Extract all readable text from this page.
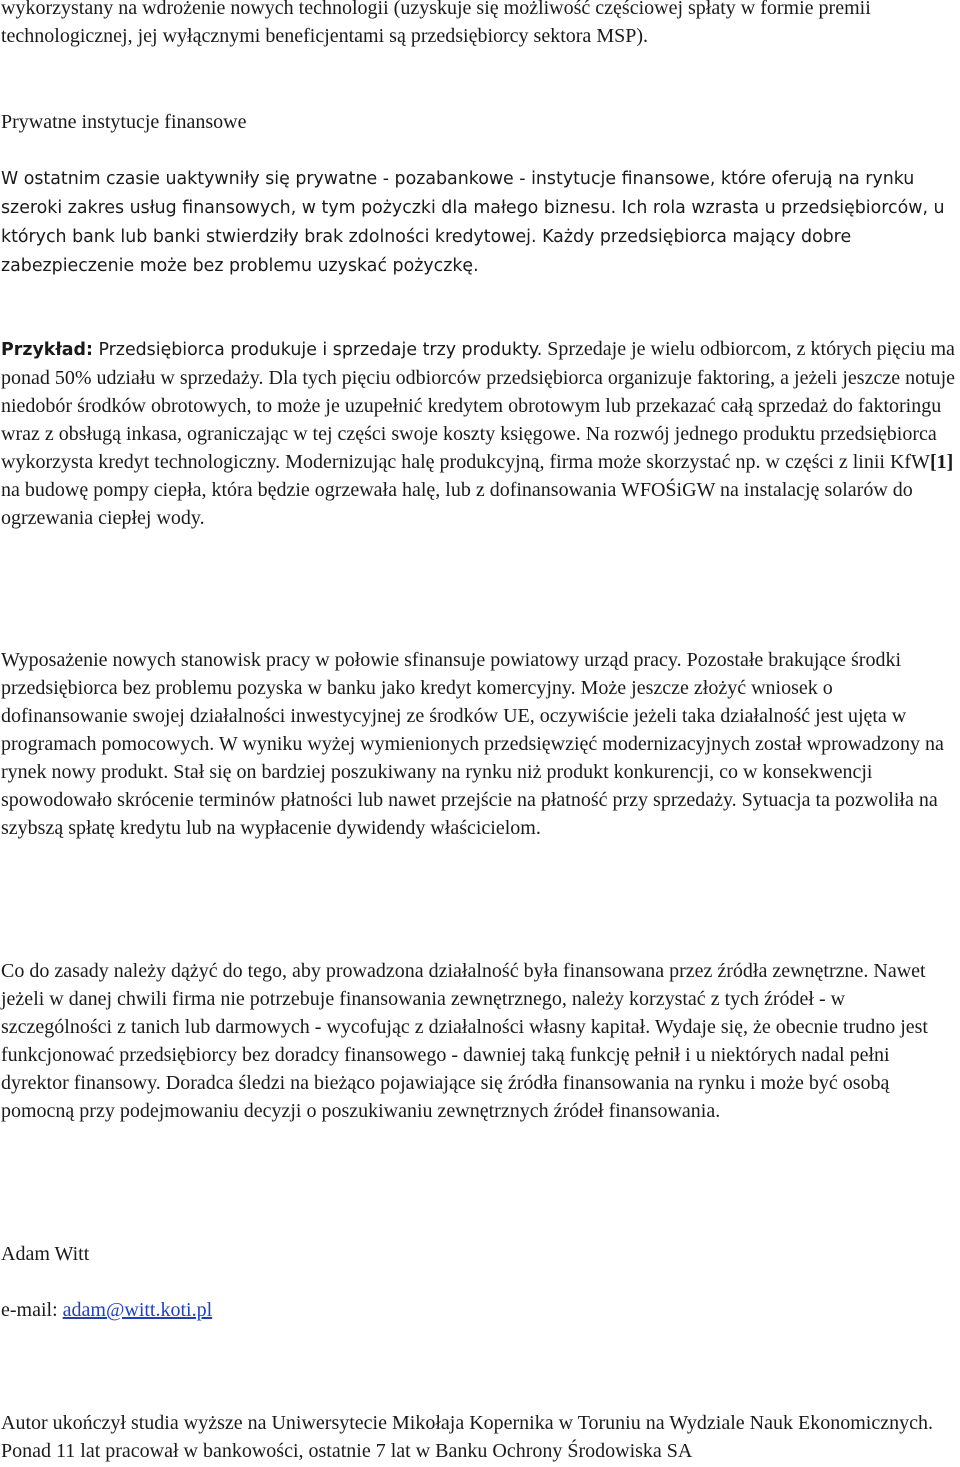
wykorzystany na wdrożenie nowych technologii (uzyskuje się możliwość częściowej spłaty w formie premii technologicznej, jej wyłącznymi beneficjentami są przedsiębiorcy sektora MSP).

Prywatne instytucje finansowe

W ostatnim czasie uaktywniły się prywatne - pozabankowe - instytucje finansowe, które oferują na rynku szeroki zakres usług finansowych, w tym pożyczki dla małego biznesu. Ich rola wzrasta u przedsiębiorców, u których bank lub banki stwierdziły brak zdolności kredytowej. Każdy przedsiębiorca mający dobre zabezpieczenie może bez problemu uzyskać pożyczkę.

Przykład: Przedsiębiorca produkuje i sprzedaje trzy produkty. Sprzedaje je wielu odbiorcom, z których pięciu ma ponad 50% udziału w sprzedaży. Dla tych pięciu odbiorców przedsiębiorca organizuje faktoring, a jeżeli jeszcze notuje niedobór środków obrotowych, to może je uzupełnić kredytem obrotowym lub przekazać całą sprzedaż do faktoringu wraz z obsługą inkasa, ograniczając w tej części swoje koszty księgowe. Na rozwój jednego produktu przedsiębiorca wykorzysta kredyt technologiczny. Modernizując halę produkcyjną, firma może skorzystać np. w części z linii KfW[1] na budowę pompy ciepła, która będzie ogrzewała halę, lub z dofinansowania WFOŚiGW na instalację solarów do ogrzewania ciepłej wody.

Wyposażenie nowych stanowisk pracy w połowie sfinansuje powiatowy urząd pracy. Pozostałe brakujące środki przedsiębiorca bez problemu pozyska w banku jako kredyt komercyjny. Może jeszcze złożyć wniosek o dofinansowanie swojej działalności inwestycyjnej ze środków UE, oczywiście jeżeli taka działalność jest ujęta w programach pomocowych. W wyniku wyżej wymienionych przedsięwzięć modernizacyjnych został wprowadzony na rynek nowy produkt. Stał się on bardziej poszukiwany na rynku niż produkt konkurencji, co w konsekwencji spowodowało skrócenie terminów płatności lub nawet przejście na płatność przy sprzedaży. Sytuacja ta pozwoliła na szybszą spłatę kredytu lub na wypłacenie dywidendy właścicielom.

Co do zasady należy dążyć do tego, aby prowadzona działalność była finansowana przez źródła zewnętrzne. Nawet jeżeli w danej chwili firma nie potrzebuje finansowania zewnętrznego, należy korzystać z tych źródeł - w szczególności z tanich lub darmowych - wycofując z działalności własny kapitał. Wydaje się, że obecnie trudno jest funkcjonować przedsiębiorcy bez doradcy finansowego - dawniej taką funkcję pełnił i u niektórych nadal pełni dyrektor finansowy. Doradca śledzi na bieżąco pojawiające się źródła finansowania na rynku i może być osobą pomocną przy podejmowaniu decyzji o poszukiwaniu zewnętrznych źródeł finansowania.

Adam Witt

e-mail: adam@witt.koti.pl

Autor ukończył studia wyższe na Uniwersytecie Mikołaja Kopernika w Toruniu na Wydziale Nauk Ekonomicznych. Ponad 11 lat pracował w bankowości, ostatnie 7 lat w Banku Ochrony Środowiska SA
